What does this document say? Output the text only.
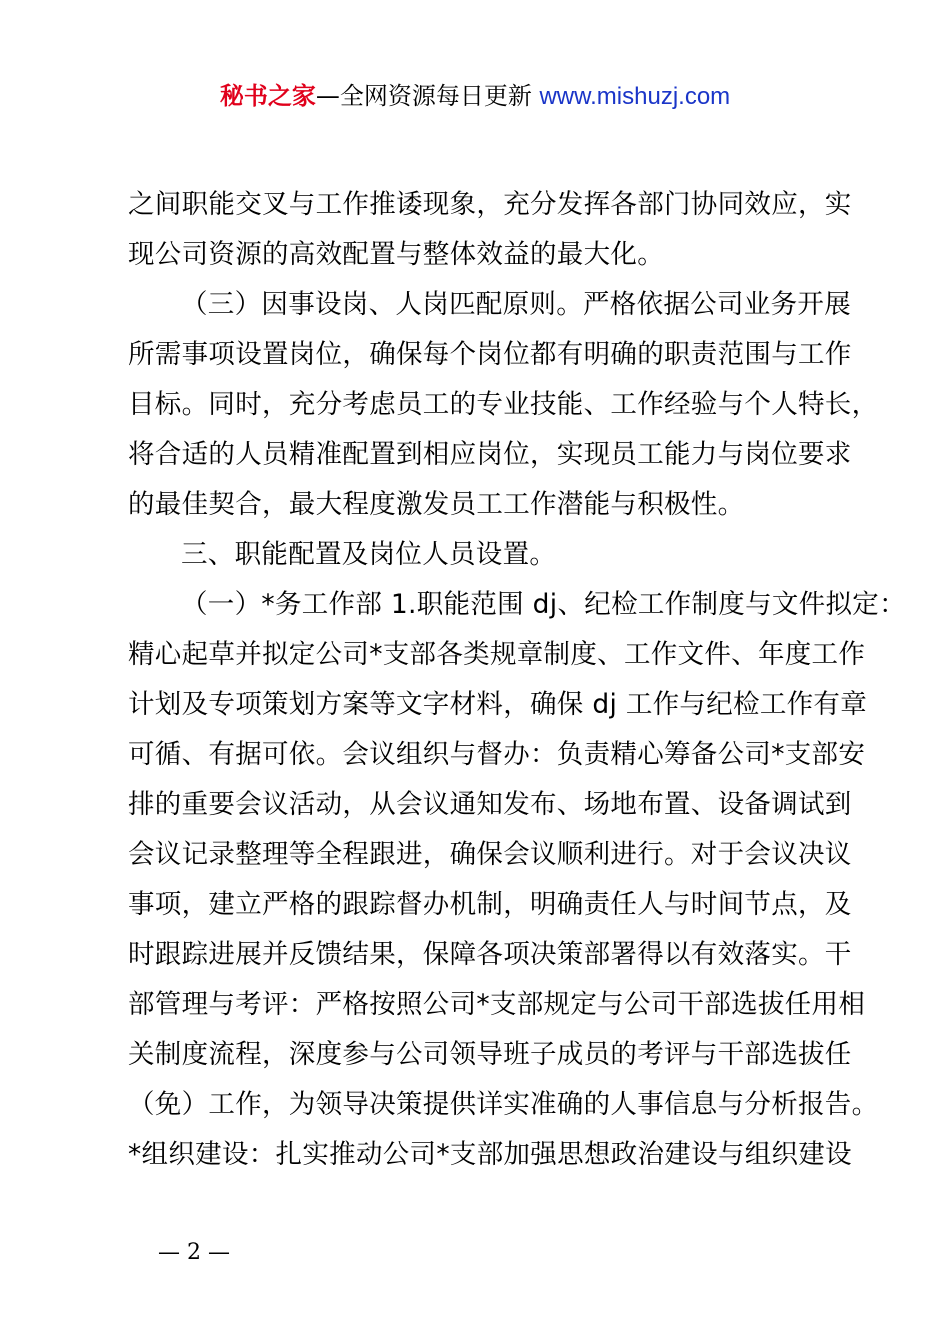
秘书之家—全网资源每日更新 www.mishuzj.com
之间职能交叉与工作推诿现象，充分发挥各部门协同效应，实
现公司资源的高效配置与整体效益的最大化。
（三）因事设岗、人岗匹配原则。严格依据公司业务开展
所需事项设置岗位，确保每个岗位都有明确的职责范围与工作
目标。同时，充分考虑员工的专业技能、工作经验与个人特长，
将合适的人员精准配置到相应岗位，实现员工能力与岗位要求
的最佳契合，最大程度激发员工工作潜能与积极性。
三、职能配置及岗位人员设置。
（一）*务工作部 1.职能范围 dj、纪检工作制度与文件拟定：
精心起草并拟定公司*支部各类规章制度、工作文件、年度工作
计划及专项策划方案等文字材料，确保 dj 工作与纪检工作有章
可循、有据可依。会议组织与督办：负责精心筹备公司*支部安
排的重要会议活动，从会议通知发布、场地布置、设备调试到
会议记录整理等全程跟进，确保会议顺利进行。对于会议决议
事项，建立严格的跟踪督办机制，明确责任人与时间节点，及
时跟踪进展并反馈结果，保障各项决策部署得以有效落实。干
部管理与考评：严格按照公司*支部规定与公司干部选拔任用相
关制度流程，深度参与公司领导班子成员的考评与干部选拔任
（免）工作，为领导决策提供详实准确的人事信息与分析报告。
*组织建设：扎实推动公司*支部加强思想政治建设与组织建设
— 2 —
